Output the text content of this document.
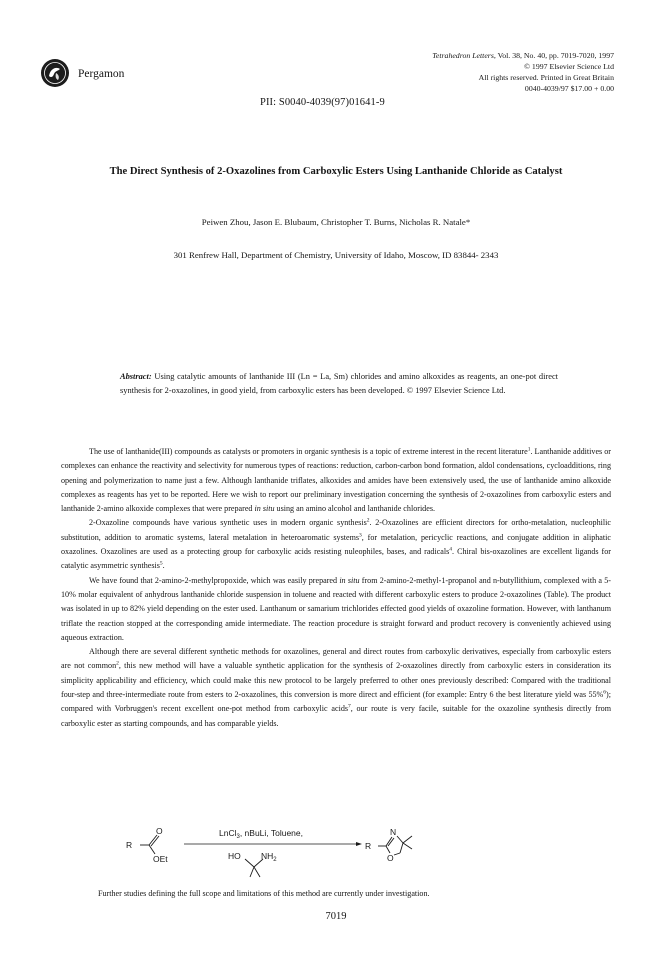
Pergamon
Tetrahedron Letters, Vol. 38, No. 40, pp. 7019-7020, 1997
© 1997 Elsevier Science Ltd
All rights reserved. Printed in Great Britain
0040-4039/97 $17.00 + 0.00
PII: S0040-4039(97)01641-9
The Direct Synthesis of 2-Oxazolines from Carboxylic Esters Using Lanthanide Chloride as Catalyst
Peiwen Zhou, Jason E. Blubaum, Christopher T. Burns, Nicholas R. Natale*
301 Renfrew Hall, Department of Chemistry, University of Idaho, Moscow, ID 83844- 2343
Abstract: Using catalytic amounts of lanthanide III (Ln = La, Sm) chlorides and amino alkoxides as reagents, an one-pot direct synthesis for 2-oxazolines, in good yield, from carboxylic esters has been developed. © 1997 Elsevier Science Ltd.

The use of lanthanide(III) compounds as catalysts or promoters in organic synthesis is a topic of extreme interest in the recent literature$^1$. Lanthanide additives or complexes can enhance the reactivity and selectivity for numerous types of reactions: reduction, carbon-carbon bond formation, aldol condensations, cycloadditions, ring opening and polymerization to name just a few. Although lanthanide triflates, alkoxides and amides have been extensively used, the use of lanthanide amino alkoxide complexes as reagents has yet to be reported. Here we wish to report our preliminary investigation concerning the synthesis of 2-oxazolines from carboxylic esters and lanthanide 2-amino alkoxide complexes that were prepared in situ using an amino alcohol and lanthanide chlorides.

2-Oxazoline compounds have various synthetic uses in modern organic synthesis$^2$. 2-Oxazolines are efficient directors for ortho-metalation, nucleophilic substitution, addition to aromatic systems, lateral metalation in heteroaromatic systems$^3$, for metalation, pericyclic reactions, and conjugate addition in aliphatic oxazolines. Oxazolines are used as a protecting group for carboxylic acids resisting nuleophiles, bases, and radicals$^4$. Chiral bis-oxazolines are excellent ligands for catalytic asymmetric synthesis$^5$.

We have found that 2-amino-2-methylpropoxide, which was easily prepared in situ from 2-amino-2-methyl-1-propanol and n-butyllithium, complexed with a 5-10% molar equivalent of anhydrous lanthanide chloride suspension in toluene and reacted with different carboxylic esters to produce 2-oxazolines (Table). The product was isolated in up to 82% yield depending on the ester used. Lanthanum or samarium trichlorides effected good yields of oxazoline formation. However, with lanthanum triflate the reaction stopped at the corresponding amide intermediate. The reaction procedure is straight forward and product recovery is conveniently achieved using aqueous extraction.

Although there are several different synthetic methods for oxazolines, general and direct routes from carboxylic derivatives, especially from carboxylic esters are not common$^2$, this new method will have a valuable synthetic application for the synthesis of 2-oxazolines directly from carboxylic esters in consideration its simplicity applicability and efficiency, which could make this new protocol to be largely preferred to other ones previously described: Compared with the traditional four-step and three-intermediate route from esters to 2-oxazolines, this conversion is more direct and efficient (for example: Entry 6 the best literature yield was 55%$^6$); compared with Vorbruggen's recent excellent one-pot method from carboxylic acids$^7$, our route is very facile, suitable for the oxazoline synthesis directly from carboxylic ester as starting compounds, and has comparable yields.

R
O
OEt
LnCl$_3$, nBuLi, Toluene,
HO $NH_2$
R
N
O
Further studies defining the full scope and limitations of this method are currently under investigation.
7019
